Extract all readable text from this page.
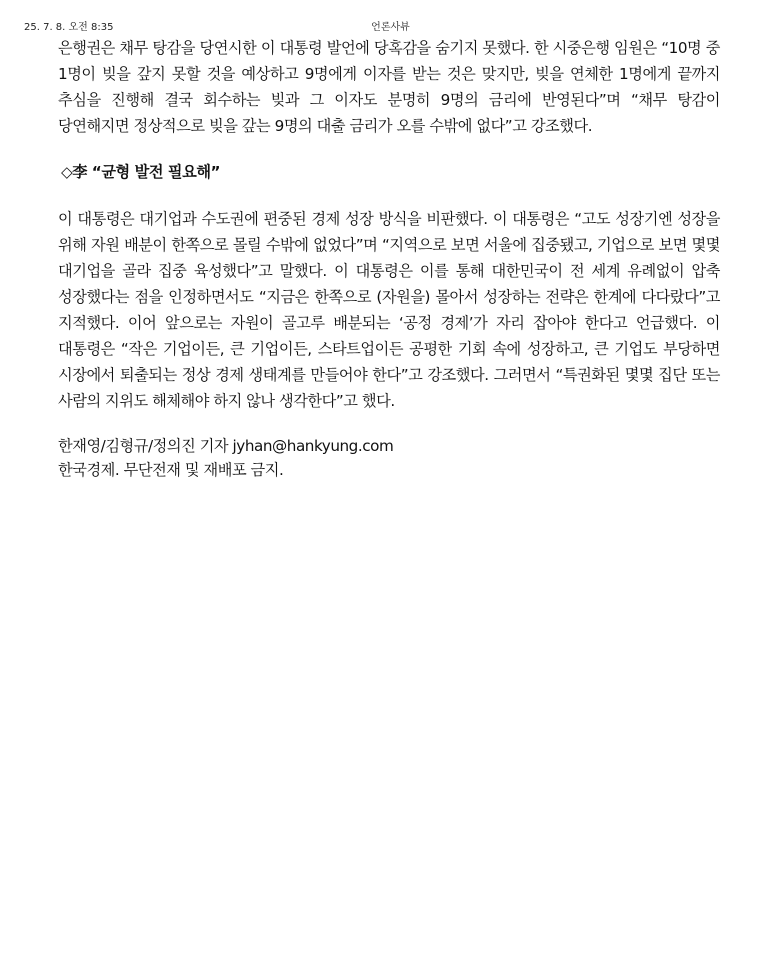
25. 7. 8. 오전 8:35	언론사뷰

은행권은 채무 탕감을 당연시한 이 대통령 발언에 당혹감을 숨기지 못했다. 한 시중은행 임원은 “10명 중 1명이 빚을 갚지 못할 것을 예상하고 9명에게 이자를 받는 것은 맞지만, 빚을 연체한 1명에게 끝까지 추심을 진행해 결국 회수하는 빚과 그 이자도 분명히 9명의 금리에 반영된다”며 “채무 탕감이 당연해지면 정상적으로 빚을 갚는 9명의 대출 금리가 오를 수밖에 없다”고 강조했다.

◇李 “균형 발전 필요해”

이 대통령은 대기업과 수도권에 편중된 경제 성장 방식을 비판했다. 이 대통령은 “고도 성장기엔 성장을 위해 자원 배분이 한쪽으로 몰릴 수밖에 없었다”며 “지역으로 보면 서울에 집중됐고, 기업으로 보면 몇몇 대기업을 골라 집중 육성했다”고 말했다. 이 대통령은 이를 통해 대한민국이 전 세계 유례없이 압축 성장했다는 점을 인정하면서도 “지금은 한쪽으로 (자원을) 몰아서 성장하는 전략은 한계에 다다랐다”고 지적했다. 이어 앞으로는 자원이 골고루 배분되는 ‘공정 경제’가 자리 잡아야 한다고 언급했다. 이 대통령은 “작은 기업이든, 큰 기업이든, 스타트업이든 공평한 기회 속에 성장하고, 큰 기업도 부당하면 시장에서 퇴출되는 정상 경제 생태계를 만들어야 한다”고 강조했다. 그러면서 “특권화된 몇몇 집단 또는 사람의 지위도 해체해야 하지 않나 생각한다”고 했다.

한재영/김형규/정의진 기자 jyhan@hankyung.com

한국경제. 무단전재 및 재배포 금지.
